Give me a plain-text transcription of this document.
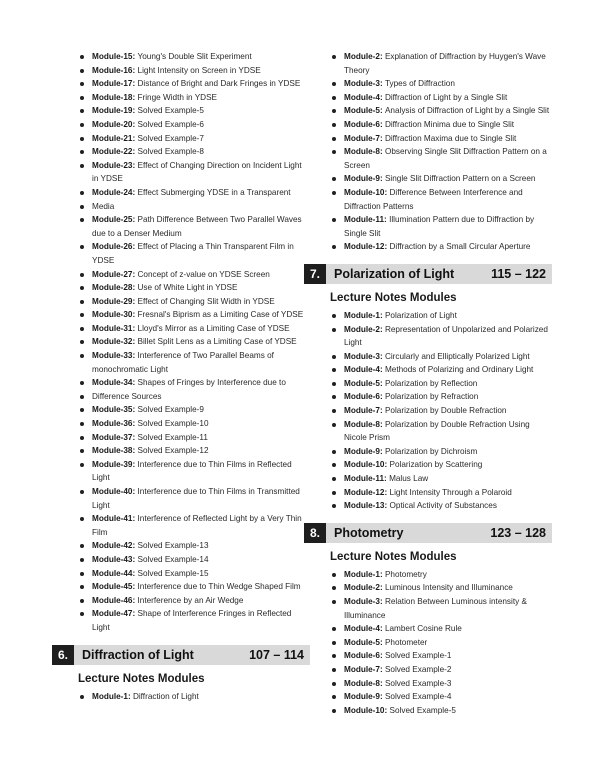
Module-15: Young's Double Slit Experiment
Module-16: Light Intensity on Screen in YDSE
Module-17: Distance of Bright and Dark Fringes in YDSE
Module-18: Fringe Width in YDSE
Module-19: Solved Example-5
Module-20: Solved Example-6
Module-21: Solved Example-7
Module-22: Solved Example-8
Module-23: Effect of Changing Direction on Incident Light in YDSE
Module-24: Effect Submerging YDSE in a Transparent
Media
Module-25: Path Difference Between Two Parallel Waves due to a Denser Medium
Module-26: Effect of Placing a Thin Transparent Film in YDSE
Module-27: Concept of z-value on YDSE Screen
Module-28: Use of White Light in YDSE
Module-29: Effect of Changing Slit Width in YDSE
Module-30: Fresnal's Biprism as a Limiting Case of YDSE
Module-31: Lloyd's Mirror as a Limiting Case of YDSE
Module-32: Billet Split Lens as a Limiting Case of YDSE
Module-33: Interference of Two Parallel Beams of monochromatic Light
Module-34: Shapes of Fringes by Interference due to
Difference Sources
Module-35: Solved Example-9
Module-36: Solved Example-10
Module-37: Solved Example-11
Module-38: Solved Example-12
Module-39: Interference due to Thin Films in Reflected Light
Module-40: Interference due to Thin Films in Transmitted Light
Module-41: Interference of Reflected Light by a Very Thin Film
Module-42: Solved Example-13
Module-43: Solved Example-14
Module-44: Solved Example-15
Module-45: Interference due to Thin Wedge Shaped Film
Module-46: Interference by an Air Wedge
Module-47: Shape of Interference Fringes in Reflected Light
6.	Diffraction of Light	107 – 114
Lecture Notes Modules
Module-1: Diffraction of Light
Module-2: Explanation of Diffraction by Huygen's Wave Theory
Module-3: Types of Diffraction
Module-4: Diffraction of Light by a Single Slit
Module-5: Analysis of Diffraction of Light by a Single Slit
Module-6: Diffraction Minima due to Single Slit
Module-7: Diffraction Maxima due to Single Slit
Module-8: Observing Single Slit Diffraction Pattern on a Screen
Module-9: Single Slit Diffraction Pattern on a Screen
Module-10: Difference Between Interference and Diffraction Patterns
Module-11: Illumination Pattern due to Diffraction by Single Slit
Module-12: Diffraction by a Small Circular Aperture
7.	Polarization of Light	115 – 122
Lecture Notes Modules
Module-1: Polarization of Light
Module-2: Representation of Unpolarized and Polarized Light
Module-3: Circularly and Elliptically Polarized Light
Module-4: Methods of Polarizing and Ordinary Light
Module-5: Polarization by Reflection
Module-6: Polarization by Refraction
Module-7: Polarization by Double Refraction
Module-8: Polarization by Double Refraction Using Nicole Prism
Module-9: Polarization by Dichroism
Module-10: Polarization by Scattering
Module-11: Malus Law
Module-12: Light Intensity Through a Polaroid
Module-13: Optical Activity of Substances
8.	Photometry	123 – 128
Lecture Notes Modules
Module-1: Photometry
Module-2: Luminous Intensity and Illuminance
Module-3: Relation Between Luminous intensity & Illuminance
Module-4: Lambert Cosine Rule
Module-5: Photometer
Module-6: Solved Example-1
Module-7: Solved Example-2
Module-8: Solved Example-3
Module-9: Solved Example-4
Module-10: Solved Example-5
